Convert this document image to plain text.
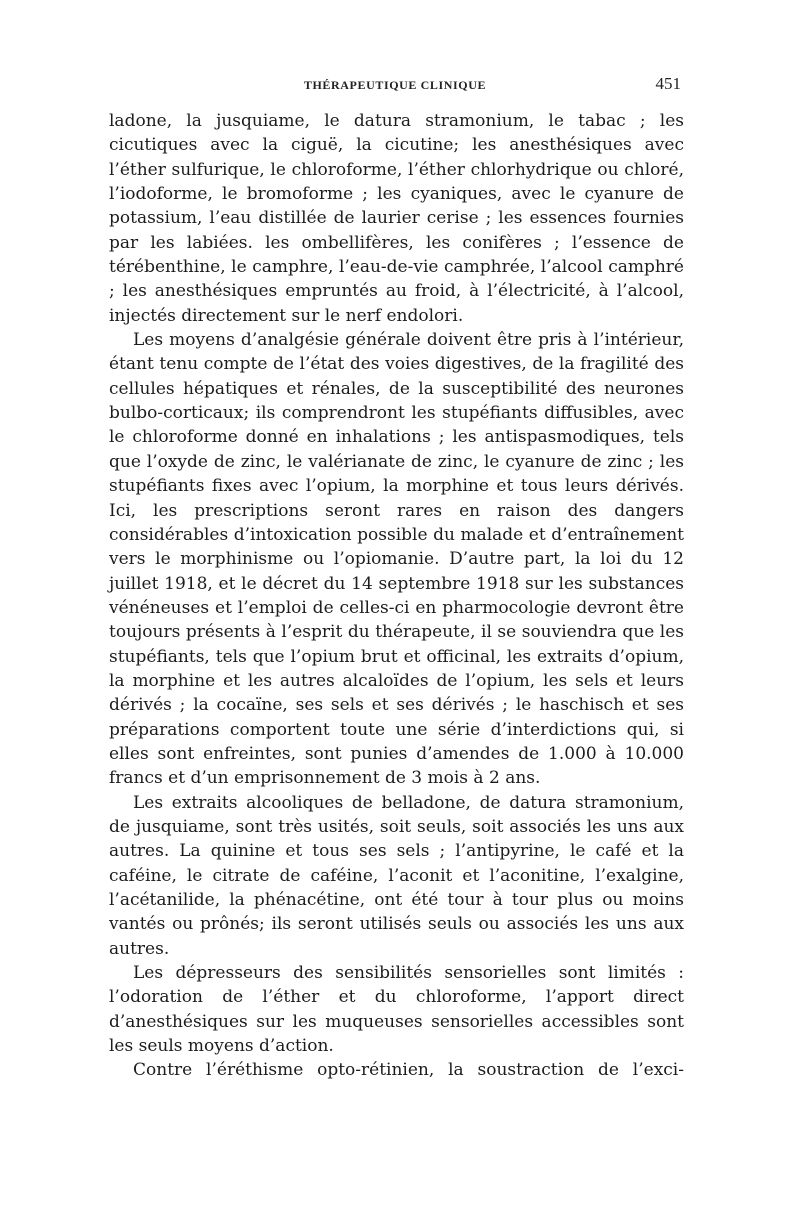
THÉRAPEUTIQUE CLINIQUE	451

ladone, la jusquiame, le datura stramonium, le tabac ; les cicutiques avec la ciguë, la cicutine; les anesthésiques avec l’éther sulfurique, le chloroforme, l’éther chlorhydrique ou chloré, l’iodoforme, le bromoforme ; les cyaniques, avec le cyanure de potassium, l’eau distillée de laurier cerise ; les essences fournies par les labiées. les ombellifères, les conifères ; l’essence de térébenthine, le camphre, l’eau-de-vie camphrée, l’alcool camphré ; les anesthésiques empruntés au froid, à l’électricité, à l’alcool, injectés directement sur le nerf endolori.

Les moyens d’analgésie générale doivent être pris à l’intérieur, étant tenu compte de l’état des voies digestives, de la fragilité des cellules hépatiques et rénales, de la susceptibilité des neurones bulbo-corticaux; ils comprendront les stupéfiants diffusibles, avec le chloroforme donné en inhalations ; les antispasmodiques, tels que l’oxyde de zinc, le valérianate de zinc, le cyanure de zinc ; les stupéfiants fixes avec l’opium, la morphine et tous leurs dérivés. Ici, les prescriptions seront rares en raison des dangers considérables d’intoxication possible du malade et d’entraînement vers le morphinisme ou l’opiomanie. D’autre part, la loi du 12 juillet 1918, et le décret du 14 septembre 1918 sur les substances vénéneuses et l’emploi de celles-ci en pharmocologie devront être toujours présents à l’esprit du thérapeute, il se souviendra que les stupéfiants, tels que l’opium brut et officinal, les extraits d’opium, la morphine et les autres alcaloïdes de l’opium, les sels et leurs dérivés ; la cocaïne, ses sels et ses dérivés ; le haschisch et ses préparations comportent toute une série d’interdictions qui, si elles sont enfreintes, sont punies d’amendes de 1.000 à 10.000 francs et d’un emprisonnement de 3 mois à 2 ans.

Les extraits alcooliques de belladone, de datura stramonium, de jusquiame, sont très usités, soit seuls, soit associés les uns aux autres. La quinine et tous ses sels ; l’antipyrine, le café et la caféine, le citrate de caféine, l’aconit et l’aconitine, l’exalgine, l’acétanilide, la phénacétine, ont été tour à tour plus ou moins vantés ou prônés; ils seront utilisés seuls ou associés les uns aux autres.

Les dépresseurs des sensibilités sensorielles sont limités : l’odoration de l’éther et du chloroforme, l’apport direct d’anesthésiques sur les muqueuses sensorielles accessibles sont les seuls moyens d’action.

Contre l’éréthisme opto-rétinien, la soustraction de l’exci-
